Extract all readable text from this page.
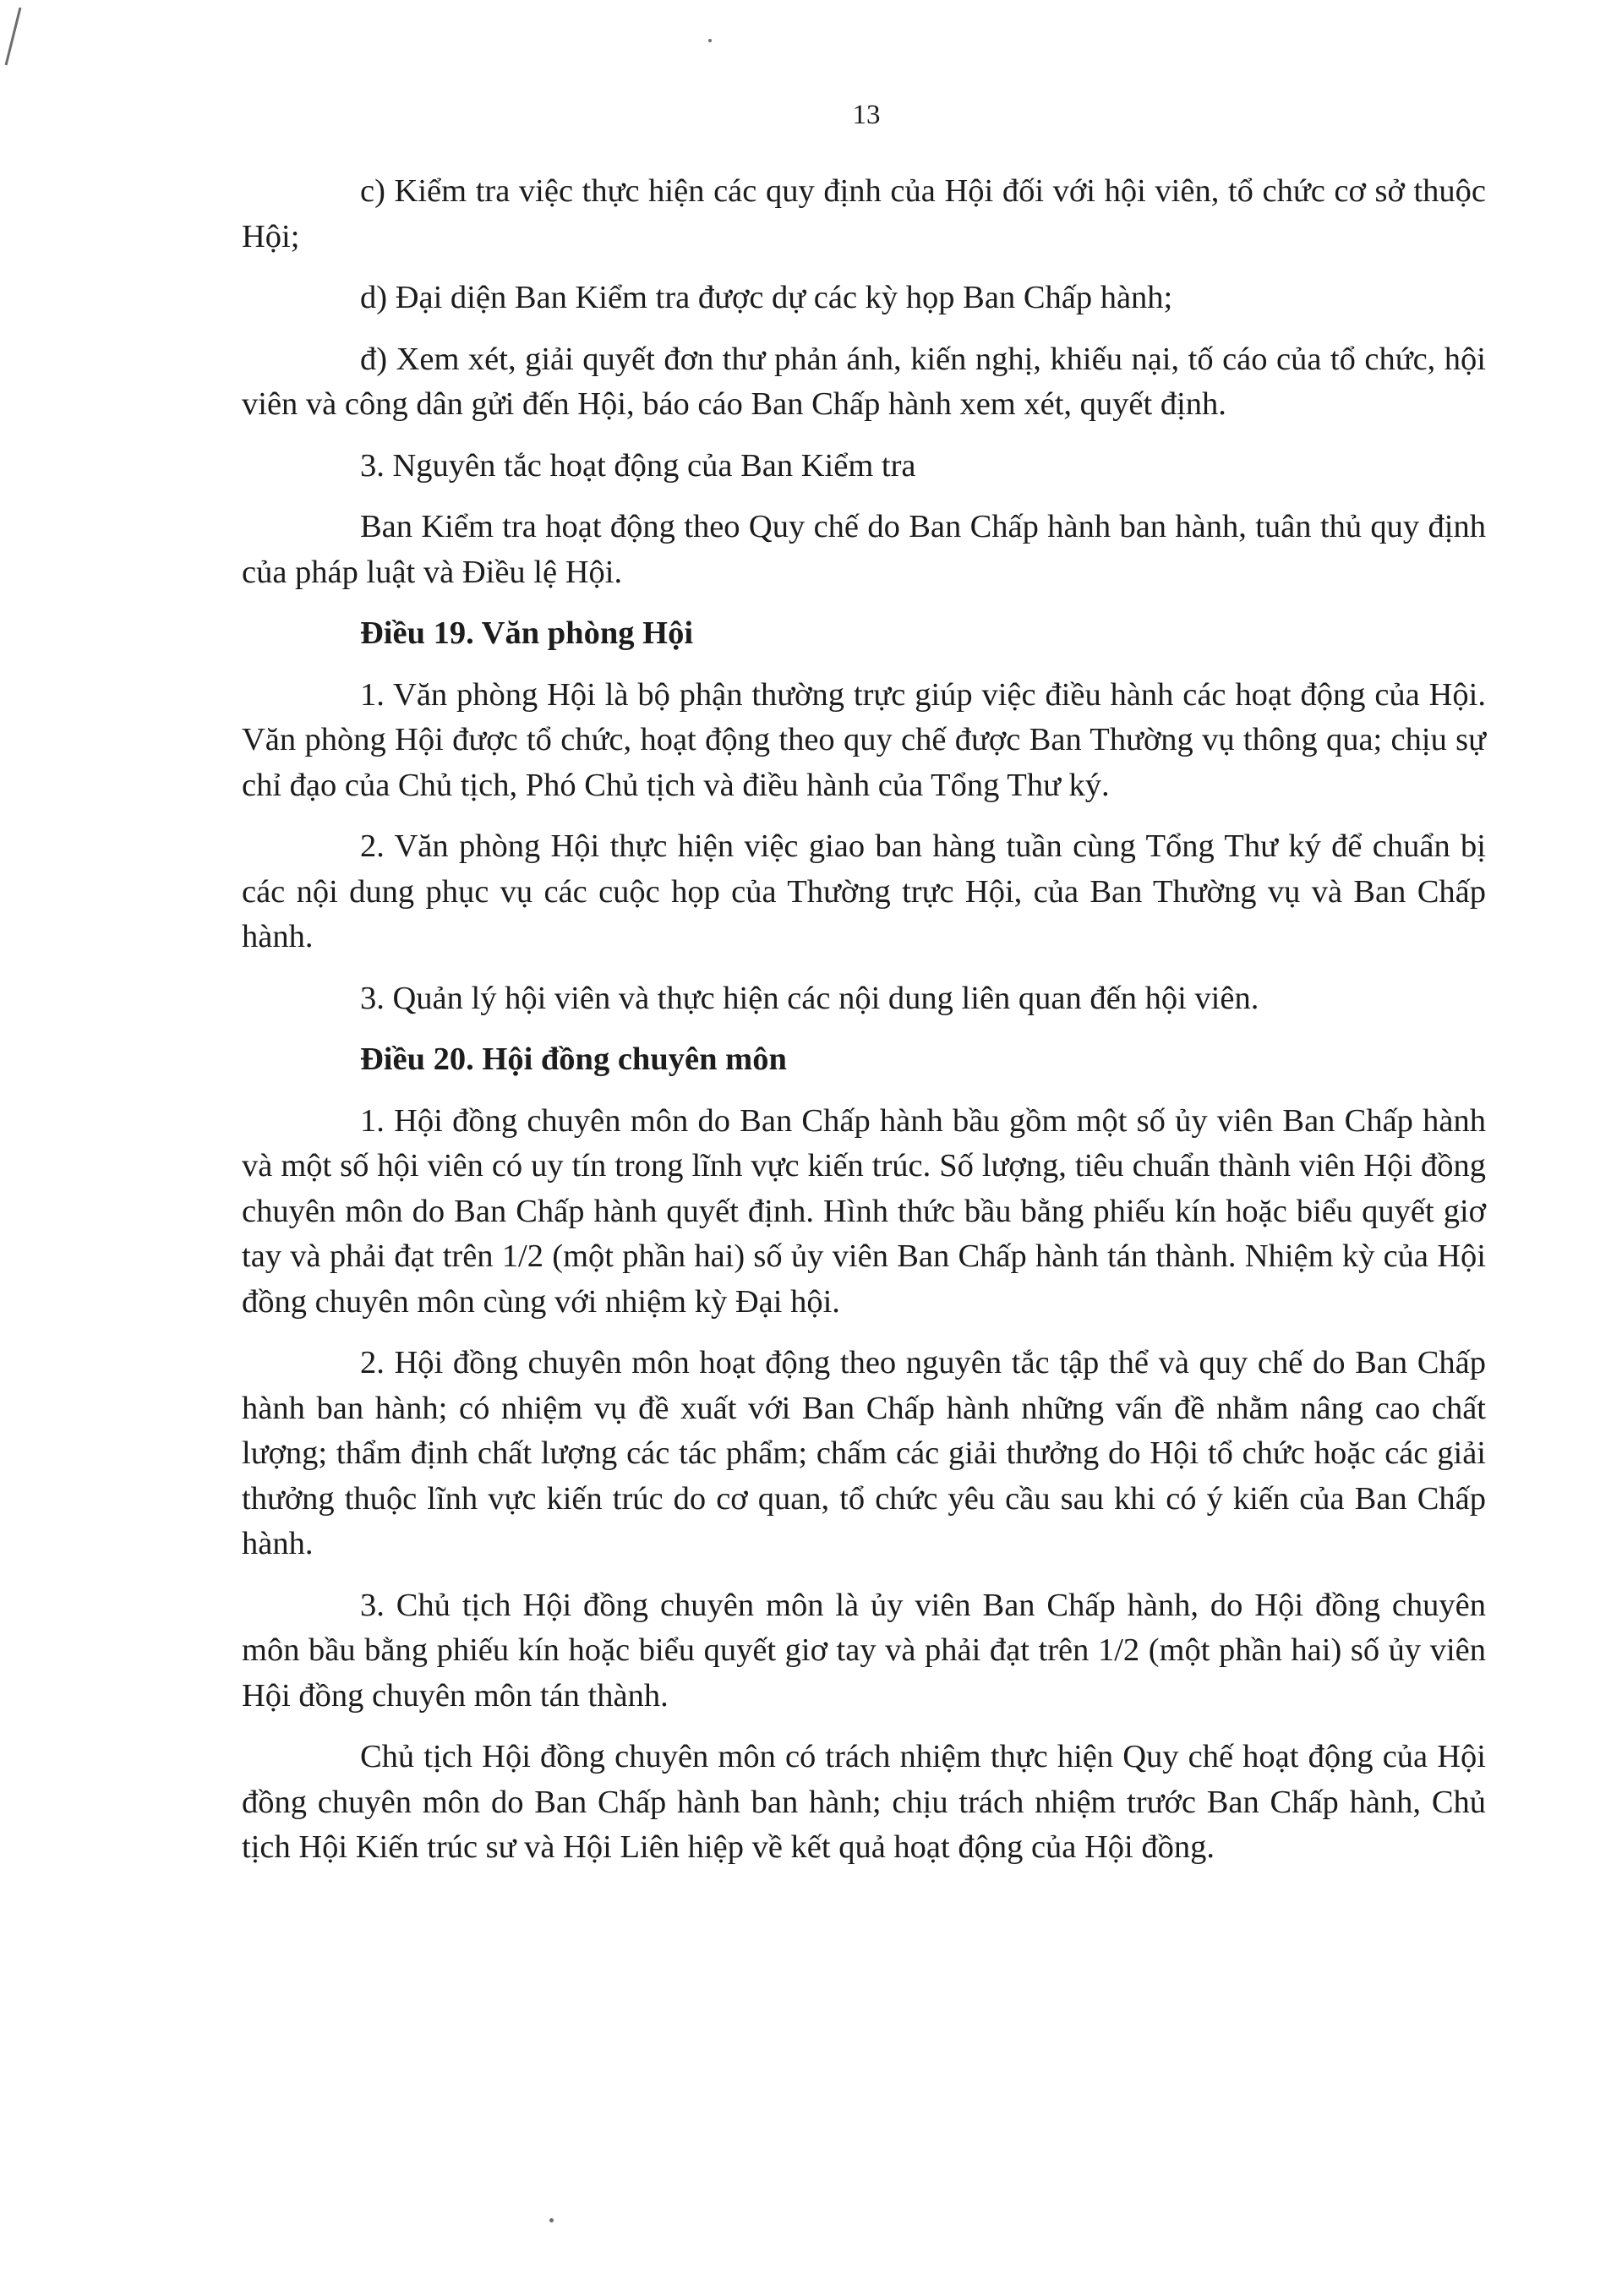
13

c) Kiểm tra việc thực hiện các quy định của Hội đối với hội viên, tổ chức cơ sở thuộc Hội;

d) Đại diện Ban Kiểm tra được dự các kỳ họp Ban Chấp hành;

đ) Xem xét, giải quyết đơn thư phản ánh, kiến nghị, khiếu nại, tố cáo của tổ chức, hội viên và công dân gửi đến Hội, báo cáo Ban Chấp hành xem xét, quyết định.

3. Nguyên tắc hoạt động của Ban Kiểm tra

Ban Kiểm tra hoạt động theo Quy chế do Ban Chấp hành ban hành, tuân thủ quy định của pháp luật và Điều lệ Hội.

Điều 19. Văn phòng Hội

1. Văn phòng Hội là bộ phận thường trực giúp việc điều hành các hoạt động của Hội. Văn phòng Hội được tổ chức, hoạt động theo quy chế được Ban Thường vụ thông qua; chịu sự chỉ đạo của Chủ tịch, Phó Chủ tịch và điều hành của Tổng Thư ký.

2. Văn phòng Hội thực hiện việc giao ban hàng tuần cùng Tổng Thư ký để chuẩn bị các nội dung phục vụ các cuộc họp của Thường trực Hội, của Ban Thường vụ và Ban Chấp hành.

3. Quản lý hội viên và thực hiện các nội dung liên quan đến hội viên.

Điều 20. Hội đồng chuyên môn

1. Hội đồng chuyên môn do Ban Chấp hành bầu gồm một số ủy viên Ban Chấp hành và một số hội viên có uy tín trong lĩnh vực kiến trúc. Số lượng, tiêu chuẩn thành viên Hội đồng chuyên môn do Ban Chấp hành quyết định. Hình thức bầu bằng phiếu kín hoặc biểu quyết giơ tay và phải đạt trên 1/2 (một phần hai) số ủy viên Ban Chấp hành tán thành. Nhiệm kỳ của Hội đồng chuyên môn cùng với nhiệm kỳ Đại hội.

2. Hội đồng chuyên môn hoạt động theo nguyên tắc tập thể và quy chế do Ban Chấp hành ban hành; có nhiệm vụ đề xuất với Ban Chấp hành những vấn đề nhằm nâng cao chất lượng; thẩm định chất lượng các tác phẩm; chấm các giải thưởng do Hội tổ chức hoặc các giải thưởng thuộc lĩnh vực kiến trúc do cơ quan, tổ chức yêu cầu sau khi có ý kiến của Ban Chấp hành.

3. Chủ tịch Hội đồng chuyên môn là ủy viên Ban Chấp hành, do Hội đồng chuyên môn bầu bằng phiếu kín hoặc biểu quyết giơ tay và phải đạt trên 1/2 (một phần hai) số ủy viên Hội đồng chuyên môn tán thành.

Chủ tịch Hội đồng chuyên môn có trách nhiệm thực hiện Quy chế hoạt động của Hội đồng chuyên môn do Ban Chấp hành ban hành; chịu trách nhiệm trước Ban Chấp hành, Chủ tịch Hội Kiến trúc sư và Hội Liên hiệp về kết quả hoạt động của Hội đồng.
